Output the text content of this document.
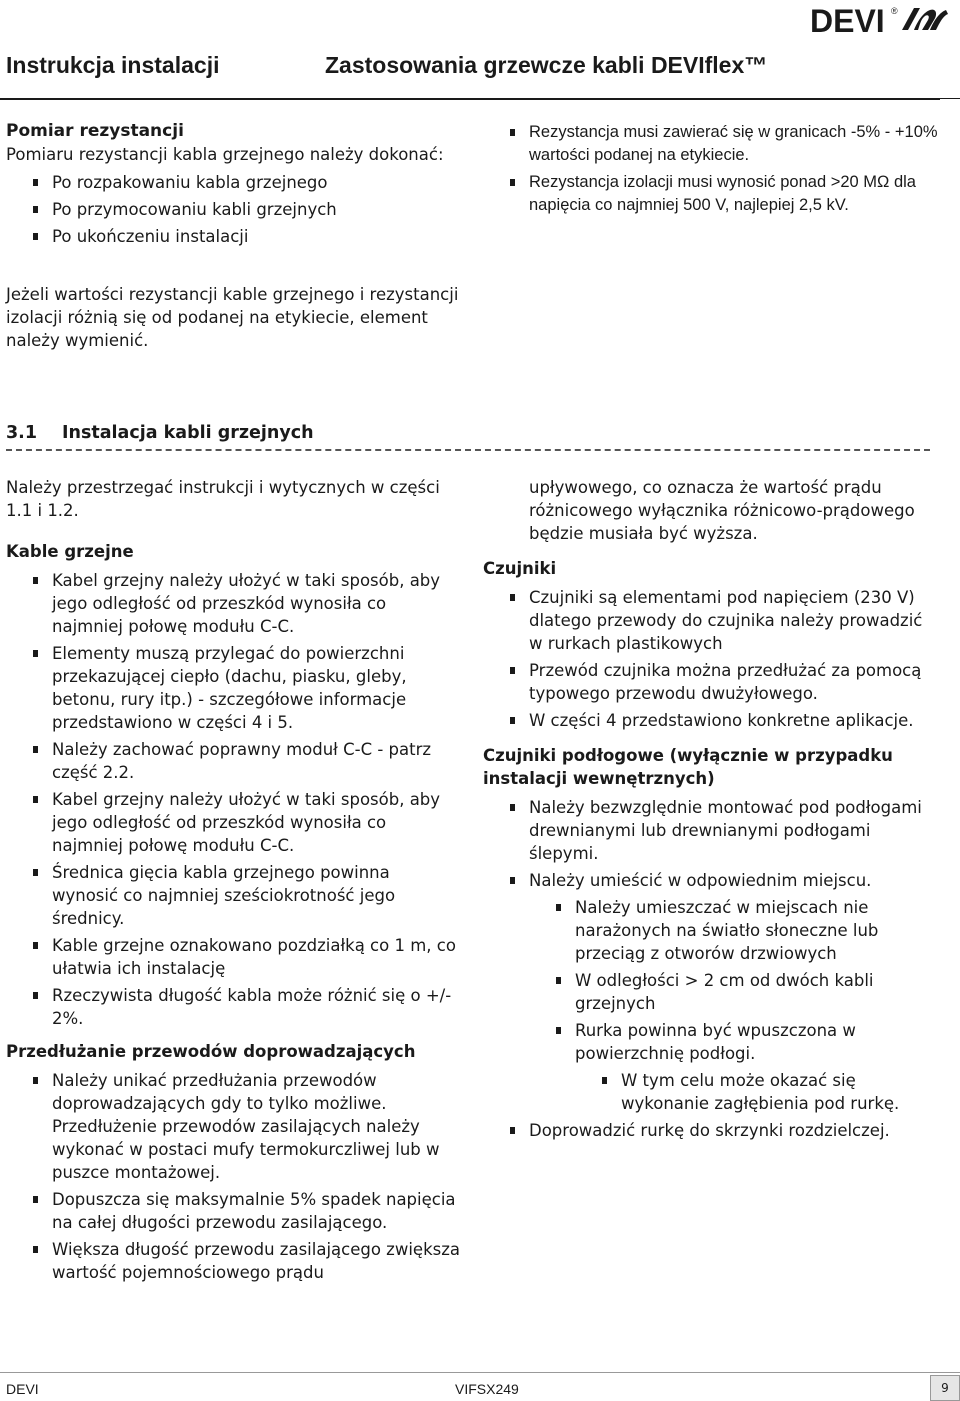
Instrukcja instalacji	Zastosowania grzewcze kabli DEVIflex™
DEVI ®

Pomiar rezystancji

Pomiaru rezystancji kabla grzejnego należy dokonać:

Po rozpakowaniu kabla grzejnego
Po przymocowaniu kabli grzejnych
Po ukończeniu instalacji
Jeżeli wartości rezystancji kable grzejnego i rezystancji izolacji różnią się od podanej na etykiecie, element należy wymienić.
Rezystancja musi zawierać się w granicach -5% - +10% wartości podanej na etykiecie.
Rezystancja izolacji musi wynosić ponad >20 MΩ dla napięcia co najmniej 500 V, najlepiej 2,5 kV.
3.1 Instalacja kabli grzejnych

Należy przestrzegać instrukcji i wytycznych w części 1.1 i 1.2.

Kable grzejne

Kabel grzejny należy ułożyć w taki sposób, aby jego odległość od przeszkód wynosiła co najmniej połowę modułu C-C.
Elementy muszą przylegać do powierzchni przekazującej ciepło (dachu, piasku, gleby, betonu, rury itp.) - szczegółowe informacje przedstawiono w części 4 i 5.
Należy zachować poprawny moduł C-C - patrz część 2.2.
Kabel grzejny należy ułożyć w taki sposób, aby jego odległość od przeszkód wynosiła co najmniej połowę modułu C-C.
Średnica gięcia kabla grzejnego powinna wynosić co najmniej sześciokrotność jego średnicy.
Kable grzejne oznakowano pozdziałką co 1 m, co ułatwia ich instalację
Rzeczywista długość kabla może różnić się o +/- 2%.

Przedłużanie przewodów doprowadzających

Należy unikać przedłużania przewodów doprowadzających gdy to tylko możliwe. Przedłużenie przewodów zasilających należy wykonać w postaci mufy termokurczliwej lub w puszce montażowej.
Dopuszcza się maksymalnie 5% spadek napięcia na całej długości przewodu zasilającego.
Większa długość przewodu zasilającego zwiększa wartość pojemnościowego prądu

upływowego, co oznacza że wartość prądu różnicowego wyłącznika różnicowo-prądowego będzie musiała być wyższa.

Czujniki

Czujniki są elementami pod napięciem (230 V) dlatego przewody do czujnika należy prowadzić w rurkach plastikowych
Przewód czujnika można przedłużać za pomocą typowego przewodu dwużyłowego.
W części 4 przedstawiono konkretne aplikacje.

Czujniki podłogowe (wyłącznie w przypadku instalacji wewnętrznych)

Należy bezwzględnie montować pod podłogami drewnianymi lub drewnianymi podłogami ślepymi.
Należy umieścić w odpowiednim miejscu.
Należy umieszczać w miejscach nie narażonych na światło słoneczne lub przeciąg z otworów drzwiowych
W odległości > 2 cm od dwóch kabli grzejnych
Rurka powinna być wpuszczona w powierzchnię podłogi.
W tym celu może okazać się wykonanie zagłębienia pod rurkę.
Doprowadzić rurkę do skrzynki rozdzielczej.
DEVI	VIFSX249	9
